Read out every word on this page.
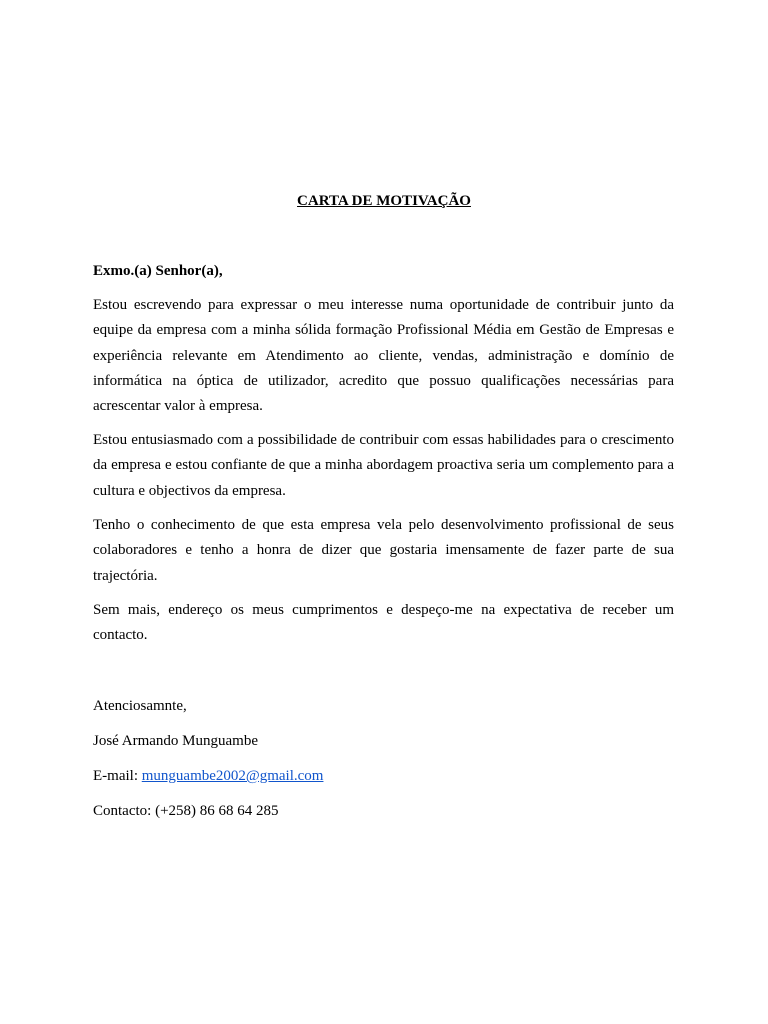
CARTA DE MOTIVAÇÃO

Exmo.(a) Senhor(a),

Estou escrevendo para expressar o meu interesse numa oportunidade de contribuir junto da equipe da empresa com a minha sólida formação Profissional Média em Gestão de Empresas e experiência relevante em Atendimento ao cliente, vendas, administração e domínio de informática na óptica de utilizador, acredito que possuo qualificações necessárias para acrescentar valor à empresa.

Estou entusiasmado com a possibilidade de contribuir com essas habilidades para o crescimento da empresa e estou confiante de que a minha abordagem proactiva seria um complemento para a cultura e objectivos da empresa.

Tenho o conhecimento de que esta empresa vela pelo desenvolvimento profissional de seus colaboradores e tenho a honra de dizer que gostaria imensamente de fazer parte de sua trajectória.

Sem mais, endereço os meus cumprimentos e despeço-me na expectativa de receber um contacto.

Atenciosamnte,

José Armando Munguambe

E-mail: munguambe2002@gmail.com

Contacto: (+258) 86 68 64 285
